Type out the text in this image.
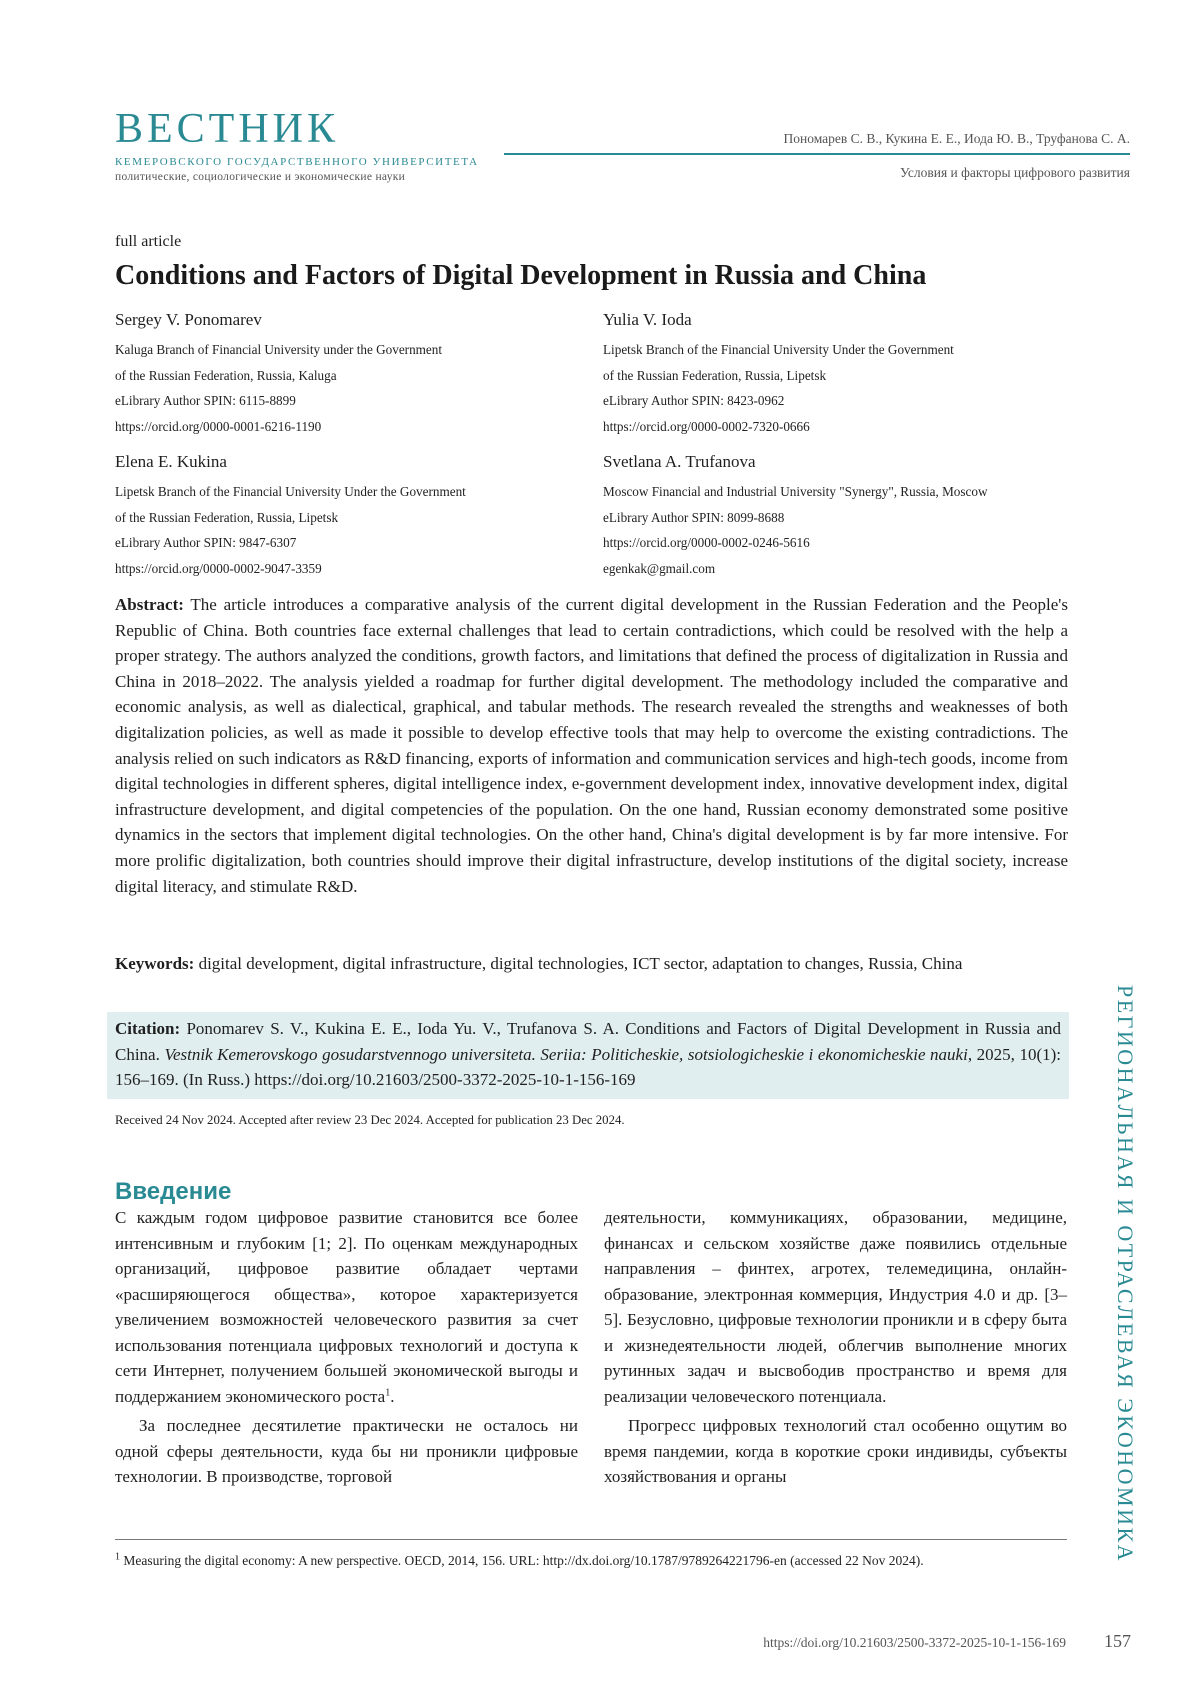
ВЕСТНИК
КЕМЕРОВСКОГО ГОСУДАРСТВЕННОГО УНИВЕРСИТЕТА
политические, социологические и экономические науки
Пономарев С. В., Кукина Е. Е., Иода Ю. В., Труфанова С. А.
Условия и факторы цифрового развития
full article
Conditions and Factors of Digital Development in Russia and China
Sergey V. Ponomarev
Kaluga Branch of Financial University under the Government
of the Russian Federation, Russia, Kaluga
eLibrary Author SPIN: 6115-8899
https://orcid.org/0000-0001-6216-1190
Yulia V. Ioda
Lipetsk Branch of the Financial University Under the Government
of the Russian Federation, Russia, Lipetsk
eLibrary Author SPIN: 8423-0962
https://orcid.org/0000-0002-7320-0666
Elena E. Kukina
Lipetsk Branch of the Financial University Under the Government
of the Russian Federation, Russia, Lipetsk
eLibrary Author SPIN: 9847-6307
https://orcid.org/0000-0002-9047-3359
Svetlana A. Trufanova
Moscow Financial and Industrial University "Synergy", Russia, Moscow
eLibrary Author SPIN: 8099-8688
https://orcid.org/0000-0002-0246-5616
egenkak@gmail.com
Abstract: The article introduces a comparative analysis of the current digital development in the Russian Federation and the People's Republic of China. Both countries face external challenges that lead to certain contradictions, which could be resolved with the help a proper strategy. The authors analyzed the conditions, growth factors, and limitations that defined the process of digitalization in Russia and China in 2018–2022. The analysis yielded a roadmap for further digital development. The methodology included the comparative and economic analysis, as well as dialectical, graphical, and tabular methods. The research revealed the strengths and weaknesses of both digitalization policies, as well as made it possible to develop effective tools that may help to overcome the existing contradictions. The analysis relied on such indicators as R&D financing, exports of information and communication services and high-tech goods, income from digital technologies in different spheres, digital intelligence index, e-government development index, innovative development index, digital infrastructure development, and digital competencies of the population. On the one hand, Russian economy demonstrated some positive dynamics in the sectors that implement digital technologies. On the other hand, China's digital development is by far more intensive. For more prolific digitalization, both countries should improve their digital infrastructure, develop institutions of the digital society, increase digital literacy, and stimulate R&D.
Keywords: digital development, digital infrastructure, digital technologies, ICT sector, adaptation to changes, Russia, China
Citation: Ponomarev S. V., Kukina E. E., Ioda Yu. V., Trufanova S. A. Conditions and Factors of Digital Development in Russia and China. Vestnik Kemerovskogo gosudarstvennogo universiteta. Seriia: Politicheskie, sotsiologicheskie i ekonomicheskie nauki, 2025, 10(1): 156–169. (In Russ.) https://doi.org/10.21603/2500-3372-2025-10-1-156-169
Received 24 Nov 2024. Accepted after review 23 Dec 2024. Accepted for publication 23 Dec 2024.	РЕГИОНАЛЬНАЯ И ОТРАСЛЕВАЯ ЭКОНОМИКА
Введение

С каждым годом цифровое развитие становится все более интенсивным и глубоким [1; 2]. По оценкам международных организаций, цифровое развитие обладает чертами «расширяющегося общества», которое характеризуется увеличением возможностей человеческого развития за счет использования потенциала цифровых технологий и доступа к сети Интернет, получением большей экономической выгоды и поддержанием экономического роста$^1$.

За последнее десятилетие практически не осталось ни одной сферы деятельности, куда бы ни проникли цифровые технологии. В производстве, торговой

деятельности, коммуникациях, образовании, медицине, финансах и сельском хозяйстве даже появились отдельные направления – финтех, агротех, телемедицина, онлайн-образование, электронная коммерция, Индустрия 4.0 и др. [3–5]. Безусловно, цифровые технологии проникли и в сферу быта и жизнедеятельности людей, облегчив выполнение многих рутинных задач и высвободив пространство и время для реализации человеческого потенциала.

Прогресс цифровых технологий стал особенно ощутим во время пандемии, когда в короткие сроки индивиды, субъекты хозяйствования и органы

$^1$ Measuring the digital economy: A new perspective. OECD, 2014, 156. URL: http://dx.doi.org/10.1787/9789264221796-en (accessed 22 Nov 2024).
https://doi.org/10.21603/2500-3372-2025-10-1-156-169 157
